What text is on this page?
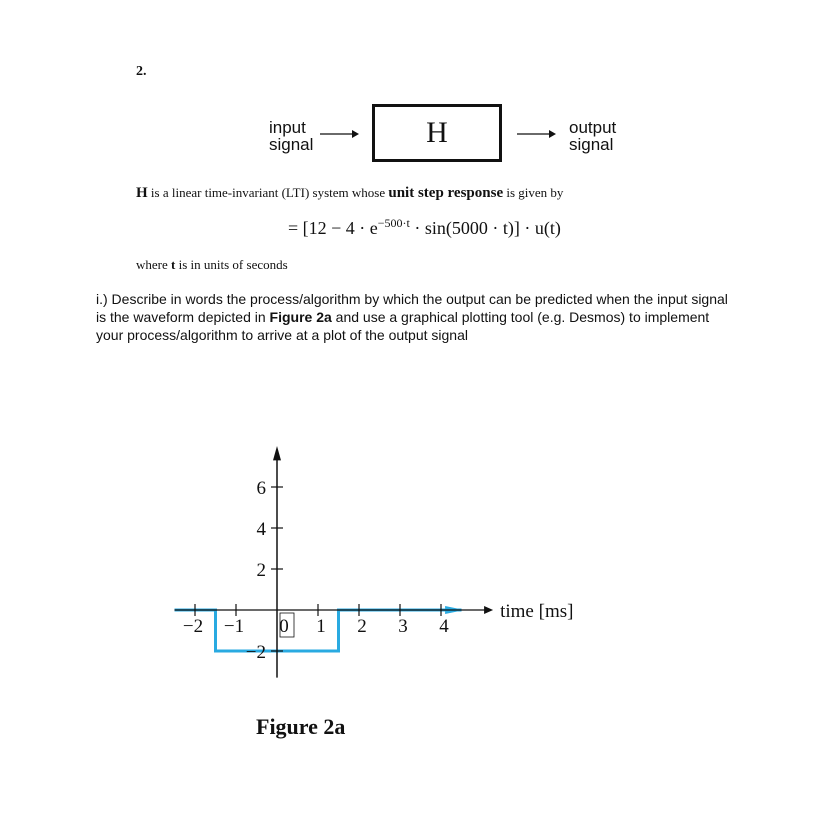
2.
input
signal	H	output
signal
H is a linear time-invariant (LTI) system whose unit step response is given by
= $[12 - 4 \cdot e^{-500\cdot t} \cdot \sin(5000 \cdot t)] \cdot u(t)$
where t is in units of seconds
i.) Describe in words the process/algorithm by which the output can be predicted when the input signal is the waveform depicted in Figure 2a and use a graphical plotting tool (e.g. Desmos) to implement your process/algorithm to arrive at a plot of the output signal
−2 −1 0 1 2 3 4
6
4
2
−2
time [ms]
Figure 2a
